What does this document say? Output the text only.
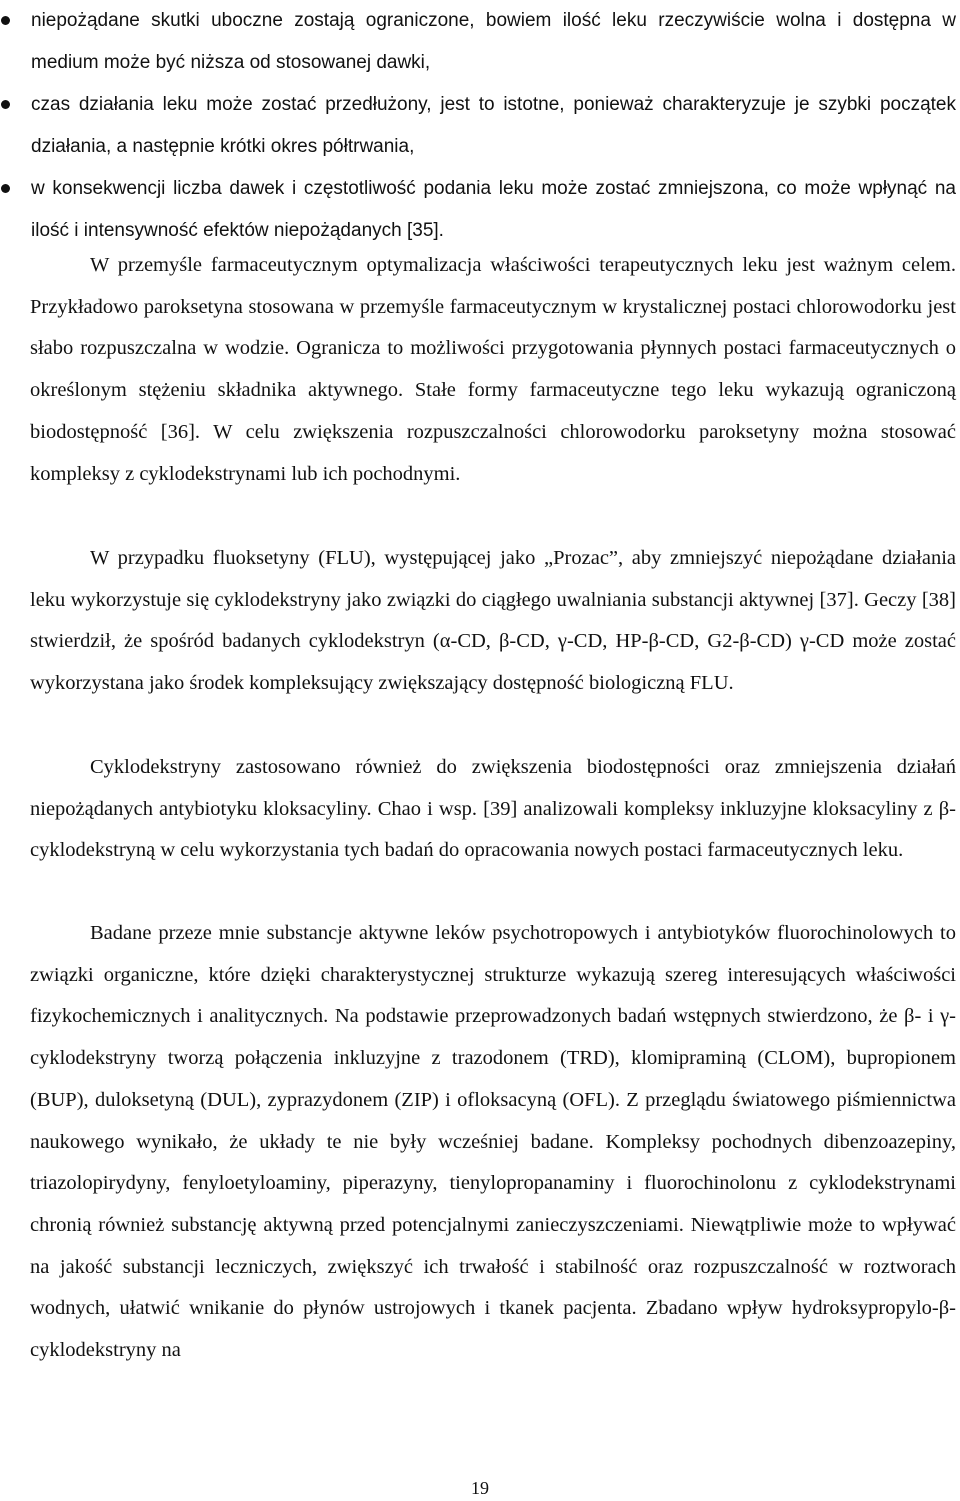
niepożądane skutki uboczne zostają ograniczone, bowiem ilość leku rzeczywiście wolna i dostępna w medium może być niższa od stosowanej dawki,
czas działania leku może zostać przedłużony, jest to istotne, ponieważ charakteryzuje je szybki początek działania, a następnie krótki okres półtrwania,
w konsekwencji liczba dawek i częstotliwość podania leku może zostać zmniejszona, co może wpłynąć na ilość i intensywność efektów niepożądanych [35].

W przemyśle farmaceutycznym optymalizacja właściwości terapeutycznych leku jest ważnym celem. Przykładowo paroksetyna stosowana w przemyśle farmaceutycznym w krystalicznej postaci chlorowodorku jest słabo rozpuszczalna w wodzie. Ogranicza to możliwości przygotowania płynnych postaci farmaceutycznych o określonym stężeniu składnika aktywnego. Stałe formy farmaceutyczne tego leku wykazują ograniczoną biodostępność [36]. W celu zwiększenia rozpuszczalności chlorowodorku paroksetyny można stosować kompleksy z cyklodekstrynami lub ich pochodnymi.

W przypadku fluoksetyny (FLU), występującej jako „Prozac”, aby zmniejszyć niepożądane działania leku wykorzystuje się cyklodekstryny jako związki do ciągłego uwalniania substancji aktywnej [37]. Geczy [38] stwierdził, że spośród badanych cyklodekstryn (α-CD, β-CD, γ-CD, HP-β-CD, G2-β-CD) γ-CD może zostać wykorzystana jako środek kompleksujący zwiększający dostępność biologiczną FLU.

Cyklodekstryny zastosowano również do zwiększenia biodostępności oraz zmniejszenia działań niepożądanych antybiotyku kloksacyliny. Chao i wsp. [39] analizowali kompleksy inkluzyjne kloksacyliny z β-cyklodekstryną w celu wykorzystania tych badań do opracowania nowych postaci farmaceutycznych leku.

Badane przeze mnie substancje aktywne leków psychotropowych i antybiotyków fluorochinolowych to związki organiczne, które dzięki charakterystycznej strukturze wykazują szereg interesujących właściwości fizykochemicznych i analitycznych. Na podstawie przeprowadzonych badań wstępnych stwierdzono, że β- i γ-cyklodekstryny tworzą połączenia inkluzyjne z trazodonem (TRD), klomipraminą (CLOM), bupropionem (BUP), duloksetyną (DUL), zyprazydonem (ZIP) i ofloksacyną (OFL). Z przeglądu światowego piśmiennictwa naukowego wynikało, że układy te nie były wcześniej badane. Kompleksy pochodnych dibenzoazepiny, triazolopirydyny, fenyloetyloaminy, piperazyny, tienylopropanaminy i fluorochinolonu z cyklodekstrynami chronią również substancję aktywną przed potencjalnymi zanieczyszczeniami. Niewątpliwie może to wpływać na jakość substancji leczniczych, zwiększyć ich trwałość i stabilność oraz rozpuszczalność w roztworach wodnych, ułatwić wnikanie do płynów ustrojowych i tkanek pacjenta. Zbadano wpływ hydroksypropylo-β-cyklodekstryny na

19
